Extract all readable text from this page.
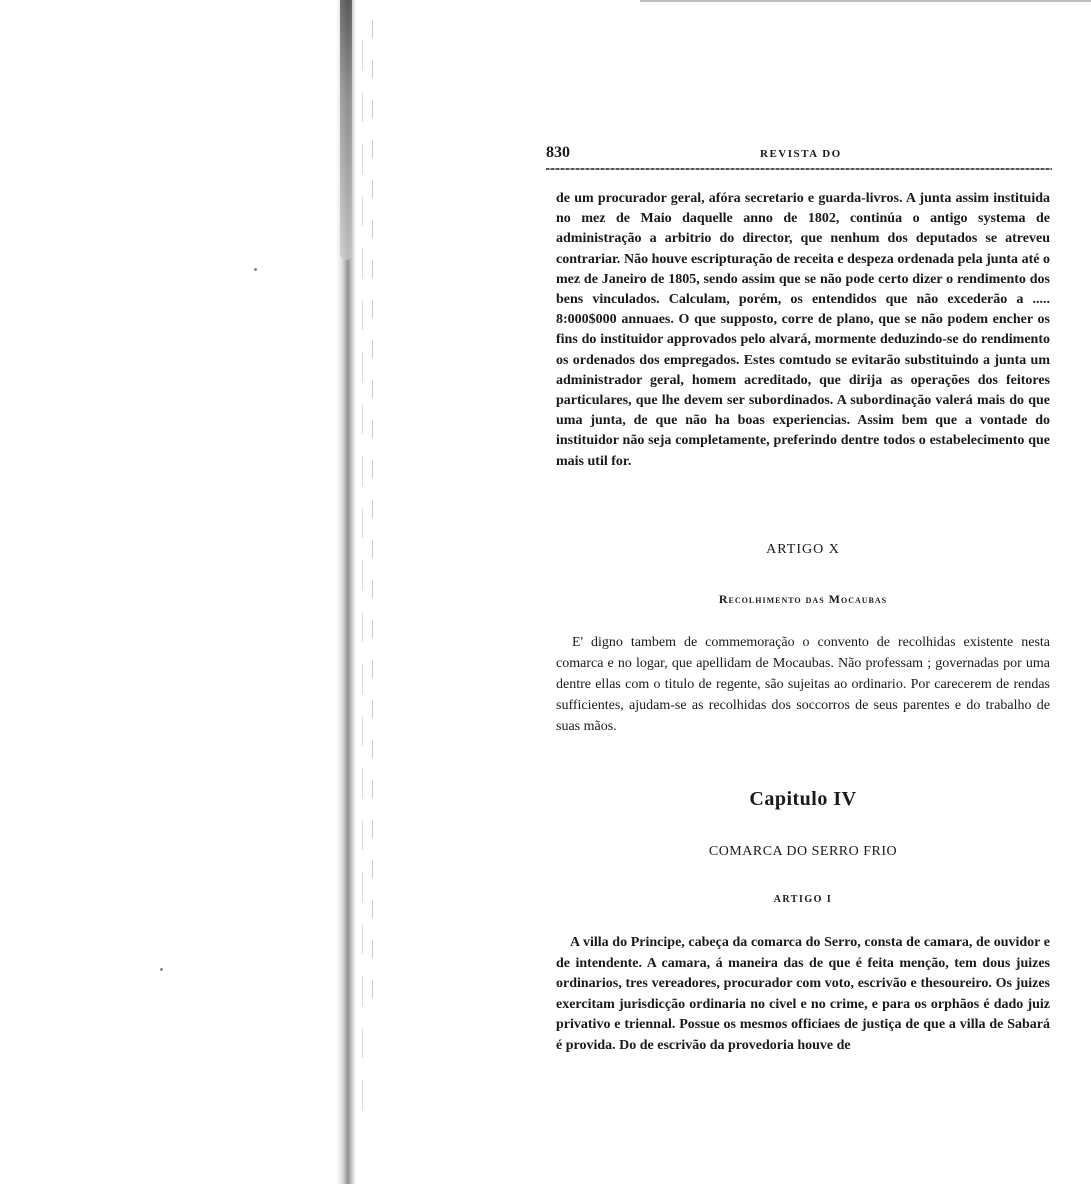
830	REVISTA DO
de um procurador geral, afóra secretario e guarda-livros. A junta assim instituida no mez de Maio daquelle anno de 1802, continúa o antigo systema de administração a arbitrio do director, que nenhum dos deputados se atreveu contrariar. Não houve escripturação de receita e despeza ordenada pela junta até o mez de Janeiro de 1805, sendo assim que se não pode certo dizer o rendimento dos bens vinculados. Calculam, porém, os entendidos que não excederão a ..... 8:000$000 annuaes. O que supposto, corre de plano, que se não podem encher os fins do instituidor approvados pelo alvará, mormente deduzindo-se do rendimento os ordenados dos empregados. Estes comtudo se evitarão substituindo a junta um administrador geral, homem acreditado, que dirija as operações dos feitores particulares, que lhe devem ser subordinados. A subordinação valerá mais do que uma junta, de que não ha boas experiencias. Assim bem que a vontade do instituidor não seja completamente, preferindo dentre todos o estabelecimento que mais util for.
ARTIGO X
Recolhimento das Mocaubas
E' digno tambem de commemoração o convento de recolhidas existente nesta comarca e no logar, que apellidam de Mocaubas. Não professam ; governadas por uma dentre ellas com o titulo de regente, são sujeitas ao ordinario. Por carecerem de rendas sufficientes, ajudam-se as recolhidas dos soccorros de seus parentes e do trabalho de suas mãos.
Capitulo IV
COMARCA DO SERRO FRIO
ARTIGO I
A villa do Principe, cabeça da comarca do Serro, consta de camara, de ouvidor e de intendente. A camara, á maneira das de que é feita menção, tem dous juizes ordinarios, tres vereadores, procurador com voto, escrivão e thesoureiro. Os juizes exercitam jurisdicção ordinaria no civel e no crime, e para os orphãos é dado juiz privativo e triennal. Possue os mesmos officiaes de justiça de que a villa de Sabará é provida. Do de escrivão da provedoria houve de
